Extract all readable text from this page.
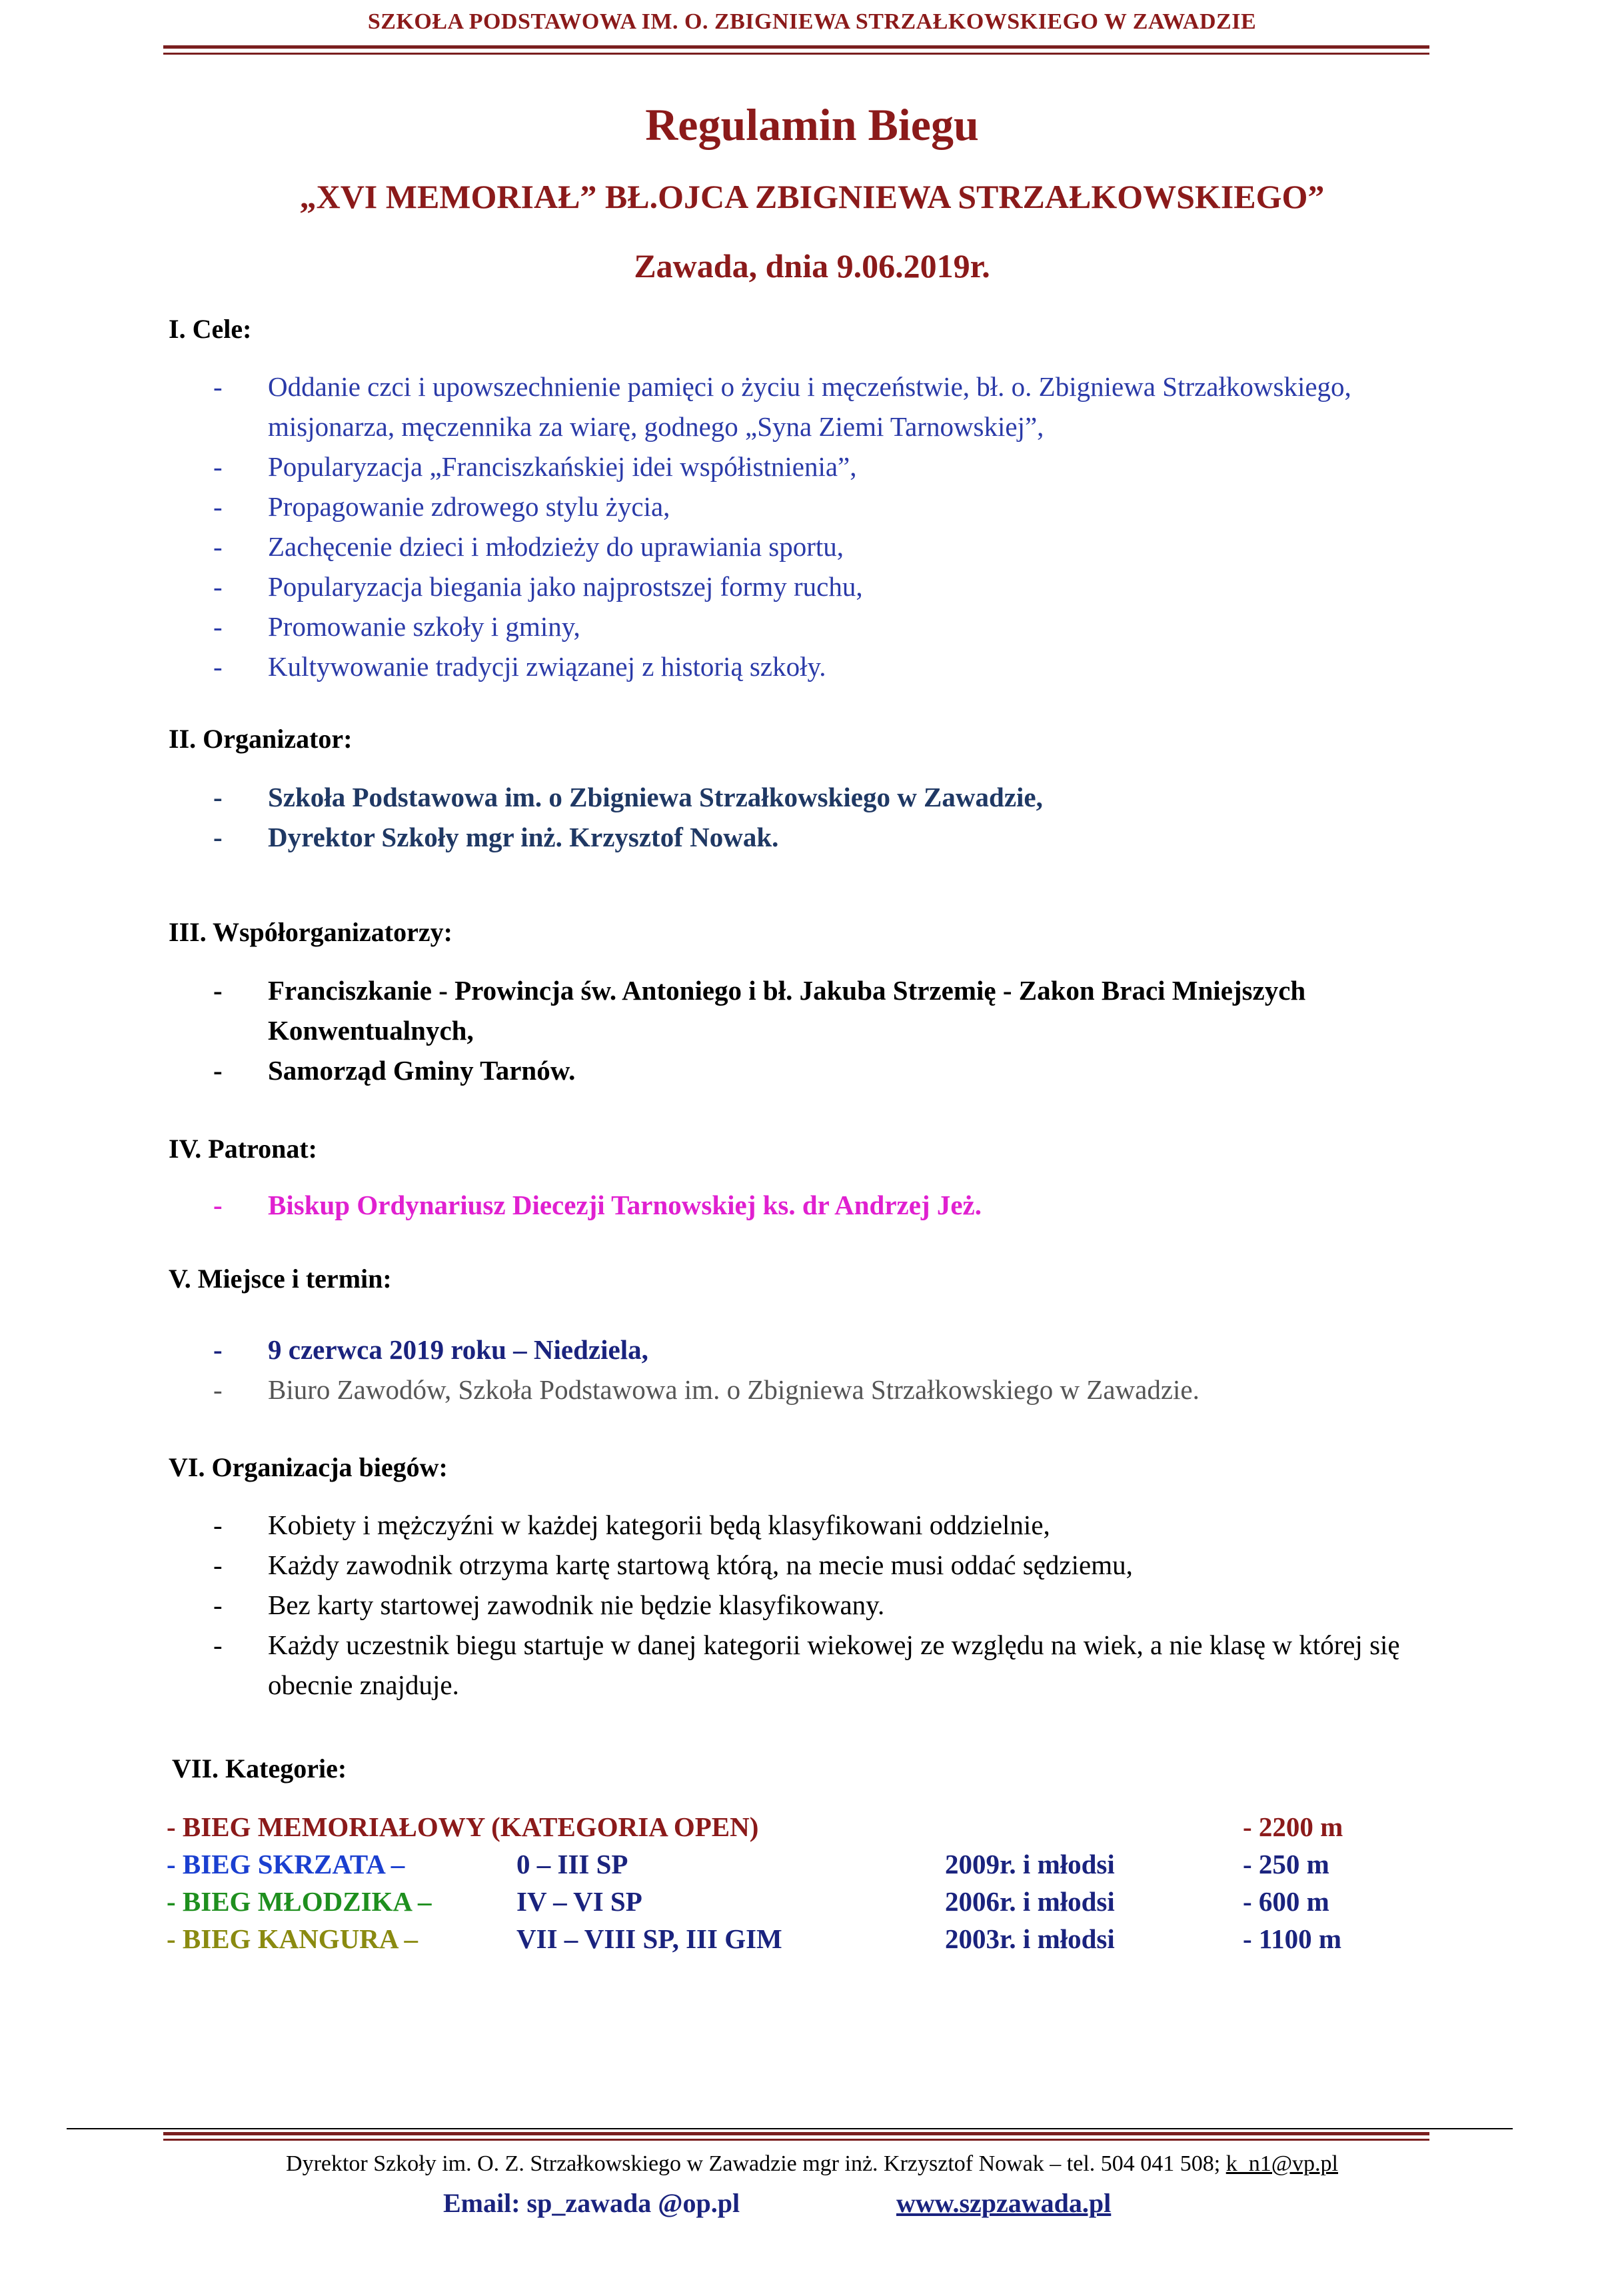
SZKOŁA PODSTAWOWA IM. O. ZBIGNIEWA STRZAŁKOWSKIEGO W ZAWADZIE
Regulamin Biegu
„XVI MEMORIAŁ” BŁ.OJCA ZBIGNIEWA STRZAŁKOWSKIEGO”
Zawada, dnia 9.06.2019r.
I. Cele:
- Oddanie czci i upowszechnienie pamięci o życiu i męczeństwie, bł. o. Zbigniewa Strzałkowskiego, misjonarza, męczennika za wiarę, godnego „Syna Ziemi Tarnowskiej”,
- Popularyzacja „Franciszkańskiej idei współistnienia”,
- Propagowanie zdrowego stylu życia,
- Zachęcenie dzieci i młodzieży do uprawiania sportu,
- Popularyzacja biegania jako najprostszej formy ruchu,
- Promowanie szkoły i gminy,
- Kultywowanie tradycji związanej z historią szkoły.
II. Organizator:
- Szkoła Podstawowa im. o Zbigniewa Strzałkowskiego w Zawadzie,
- Dyrektor Szkoły mgr inż. Krzysztof Nowak.
III. Współorganizatorzy:
- Franciszkanie - Prowincja św. Antoniego i bł. Jakuba Strzemię - Zakon Braci Mniejszych Konwentualnych,
- Samorząd Gminy Tarnów.
IV. Patronat:
- Biskup Ordynariusz Diecezji Tarnowskiej ks. dr Andrzej Jeż.
V. Miejsce i termin:
- 9 czerwca 2019 roku – Niedziela,
- Biuro Zawodów, Szkoła Podstawowa im. o Zbigniewa Strzałkowskiego w Zawadzie.
VI. Organizacja biegów:
- Kobiety i mężczyźni w każdej kategorii będą klasyfikowani oddzielnie,
- Każdy zawodnik otrzyma kartę startową którą, na mecie musi oddać sędziemu,
- Bez karty startowej zawodnik nie będzie klasyfikowany.
- Każdy uczestnik biegu startuje w danej kategorii wiekowej ze względu na wiek, a nie klasę w której się obecnie znajduje.
VII. Kategorie:
- BIEG MEMORIAŁOWY (KATEGORIA OPEN)	- 2200 m
- BIEG SKRZATA –	0 – III SP	2009r. i młodsi	- 250 m
- BIEG MŁODZIKA –	IV – VI SP	2006r. i młodsi	- 600 m
- BIEG KANGURA –	VII – VIII SP, III GIM	2003r. i młodsi	- 1100 m
Dyrektor Szkoły im. O. Z. Strzałkowskiego w Zawadzie mgr inż. Krzysztof Nowak – tel. 504 041 508; k_n1@vp.pl
Email: sp_zawada @op.pl	www.szpzawada.pl
